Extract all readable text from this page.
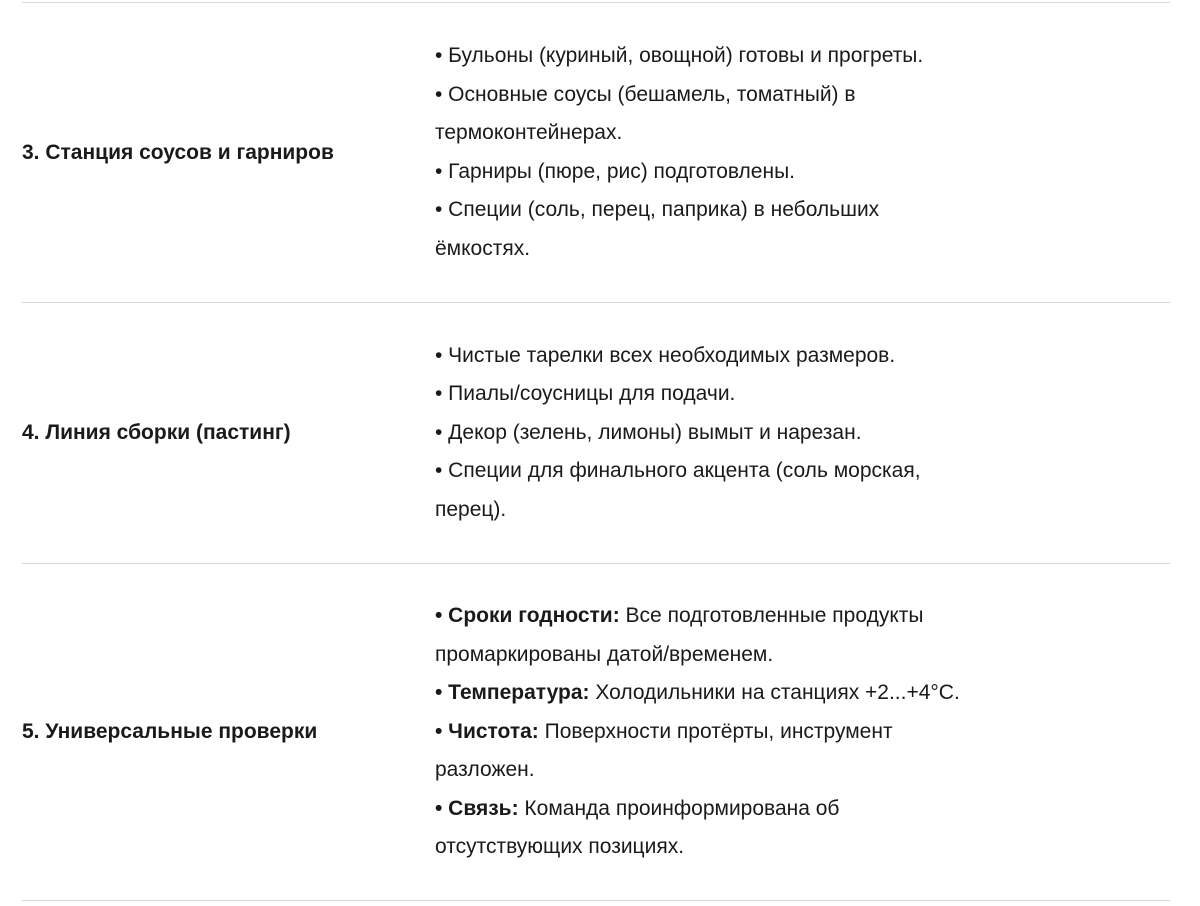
3. Станция соусов и гарниров
• Бульоны (куриный, овощной) готовы и прогреты.
• Основные соусы (бешамель, томатный) в термоконтейнерах.
• Гарниры (пюре, рис) подготовлены.
• Специи (соль, перец, паприка) в небольших ёмкостях.
4. Линия сборки (пастинг)
• Чистые тарелки всех необходимых размеров.
• Пиалы/соусницы для подачи.
• Декор (зелень, лимоны) вымыт и нарезан.
• Специи для финального акцента (соль морская, перец).
5. Универсальные проверки
• Сроки годности: Все подготовленные продукты промаркированы датой/временем.
• Температура: Холодильники на станциях +2...+4°C.
• Чистота: Поверхности протёрты, инструмент разложен.
• Связь: Команда проинформирована об отсутствующих позициях.
